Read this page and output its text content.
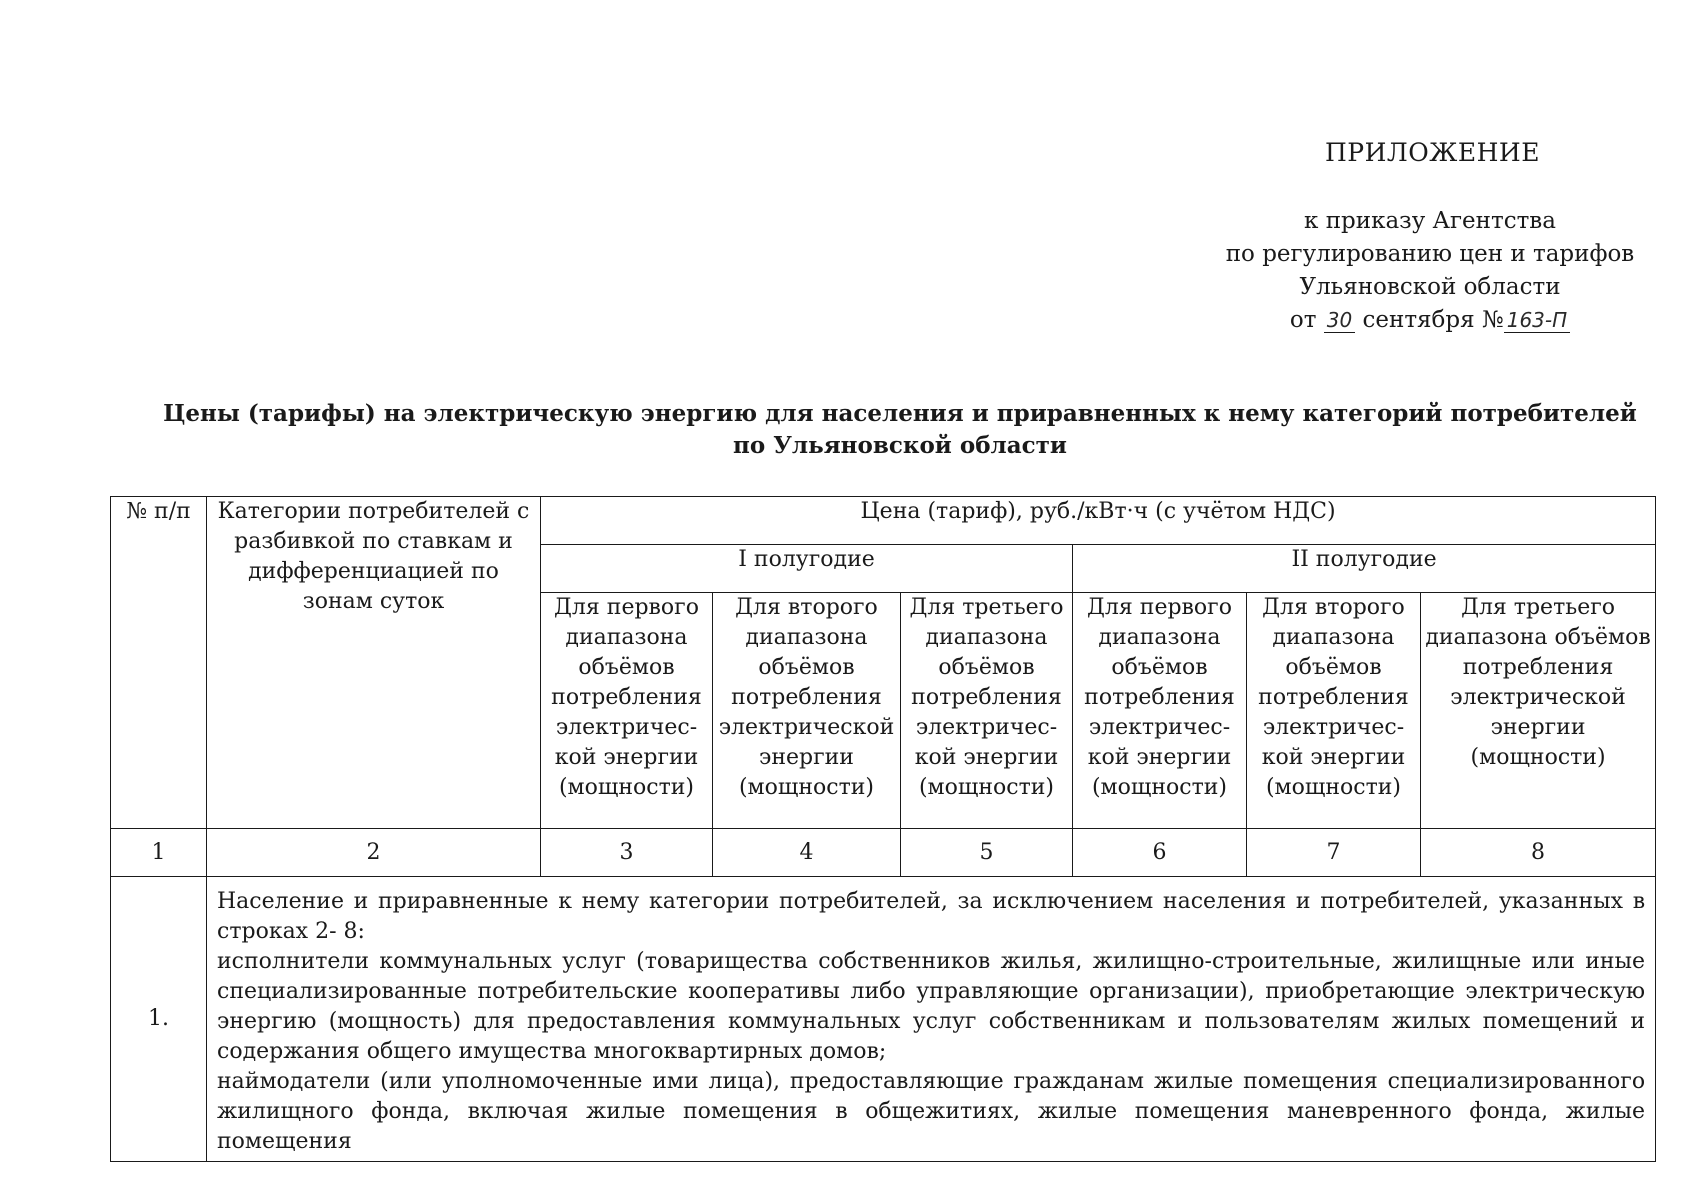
ПРИЛОЖЕНИЕ
к приказу Агентства
по регулированию цен и тарифов
Ульяновской области
от 30 сентября № 163-П
Цены (тарифы) на электрическую энергию для населения и приравненных к нему категорий потребителей
по Ульяновской области
№ п/п	Категории потребителей с разбивкой по ставкам и дифференциацией по зонам суток	Цена (тариф), руб./кВт·ч (с учётом НДС)					
		I полугодие			II полугодие		
		Для первого диапазона объёмов потребления электричес-кой энергии (мощности)	Для второго диапазона объёмов потребления электрической энергии (мощности)	Для третьего диапазона объёмов потребления электричес-кой энергии (мощности)	Для первого диапазона объёмов потребления электричес-кой энергии (мощности)	Для второго диапазона объёмов потребления электричес-кой энергии (мощности)	Для третьего диапазона объёмов потребления электрической энергии (мощности)
1	2	3	4	5	6	7	8
1.	Население и приравненные к нему категории потребителей, за исключением населения и потребителей, указанных в строках 2- 8:

исполнители коммунальных услуг (товарищества собственников жилья, жилищно-строительные, жилищные или иные специализированные потребительские кооперативы либо управляющие организации), приобретающие электрическую энергию (мощность) для предоставления коммунальных услуг собственникам и пользователям жилых помещений и содержания общего имущества многоквартирных домов;

наймодатели (или уполномоченные ими лица), предоставляющие гражданам жилые помещения специализированного жилищного фонда, включая жилые помещения в общежитиях, жилые помещения маневренного фонда, жилые помещения						
